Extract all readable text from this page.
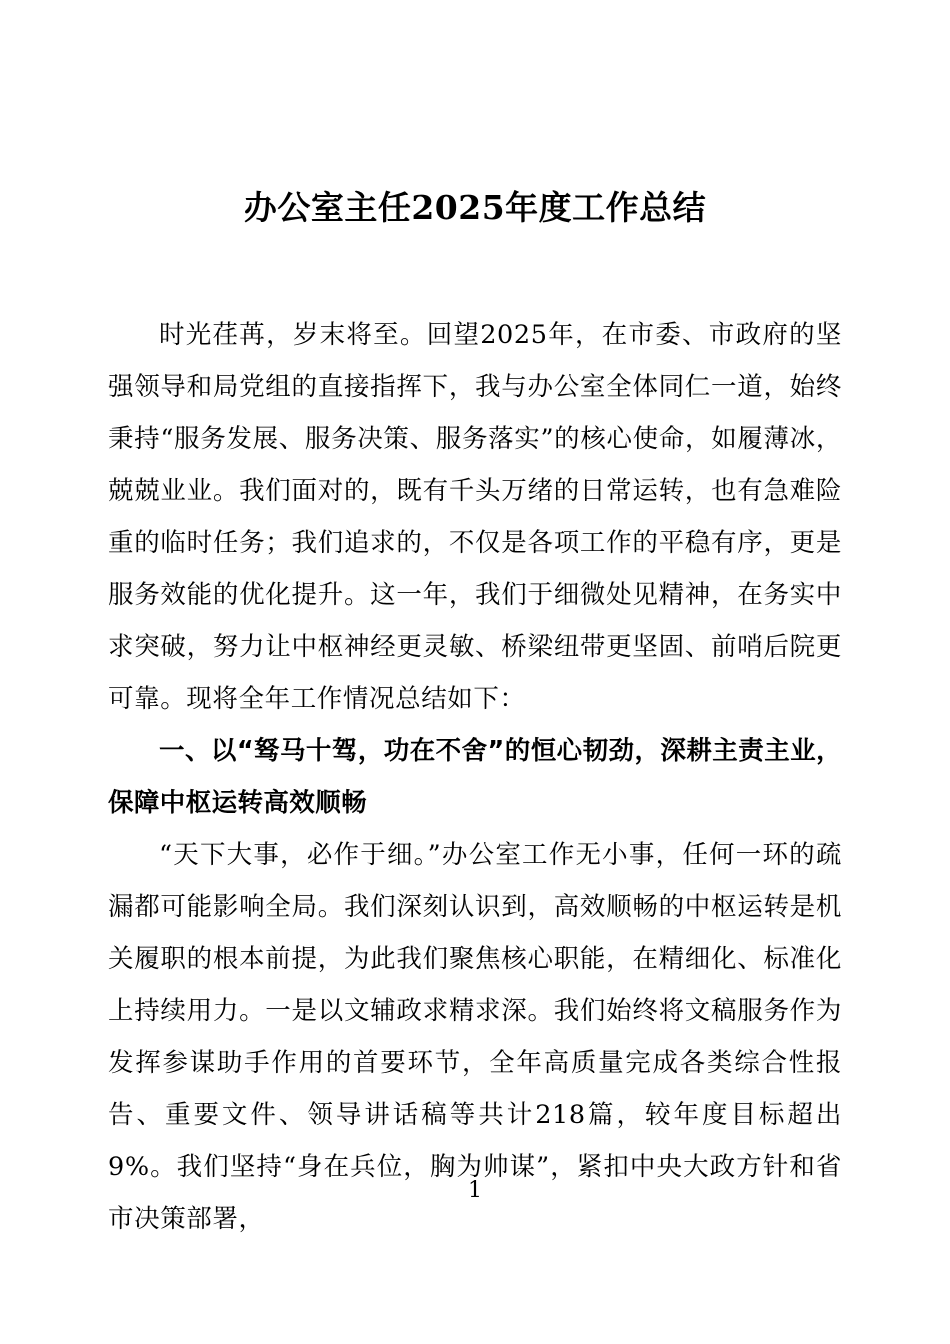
办公室主任2025年度工作总结

时光荏苒，岁末将至。回望2025年，在市委、市政府的坚强领导和局党组的直接指挥下，我与办公室全体同仁一道，始终秉持“服务发展、服务决策、服务落实”的核心使命，如履薄冰，兢兢业业。我们面对的，既有千头万绪的日常运转，也有急难险重的临时任务；我们追求的，不仅是各项工作的平稳有序，更是服务效能的优化提升。这一年，我们于细微处见精神，在务实中求突破，努力让中枢神经更灵敏、桥梁纽带更坚固、前哨后院更可靠。现将全年工作情况总结如下：

一、以“驽马十驾，功在不舍”的恒心韧劲，深耕主责主业，保障中枢运转高效顺畅

“天下大事，必作于细。”办公室工作无小事，任何一环的疏漏都可能影响全局。我们深刻认识到，高效顺畅的中枢运转是机关履职的根本前提，为此我们聚焦核心职能，在精细化、标准化上持续用力。一是以文辅政求精求深。我们始终将文稿服务作为发挥参谋助手作用的首要环节，全年高质量完成各类综合性报告、重要文件、领导讲话稿等共计218篇，较年度目标超出9%。我们坚持“身在兵位，胸为帅谋”，紧扣中央大政方针和省市决策部署，

1
